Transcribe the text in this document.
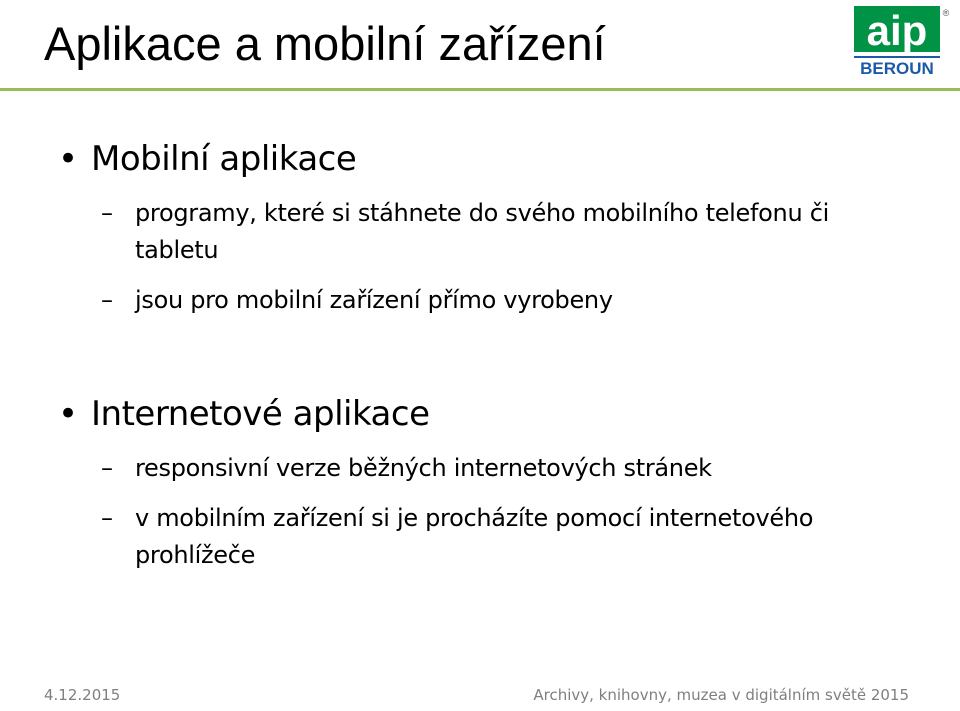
Aplikace a mobilní zařízení	aip
BEROUN
®
• Mobilní aplikace
– programy, které si stáhnete do svého mobilního telefonu či
tabletu
– jsou pro mobilní zařízení přímo vyrobeny
• Internetové aplikace
– responsivní verze běžných internetových stránek
– v mobilním zařízení si je procházíte pomocí internetového
prohlížeče
4.12.2015	Archivy, knihovny, muzea v digitálním světě 2015
